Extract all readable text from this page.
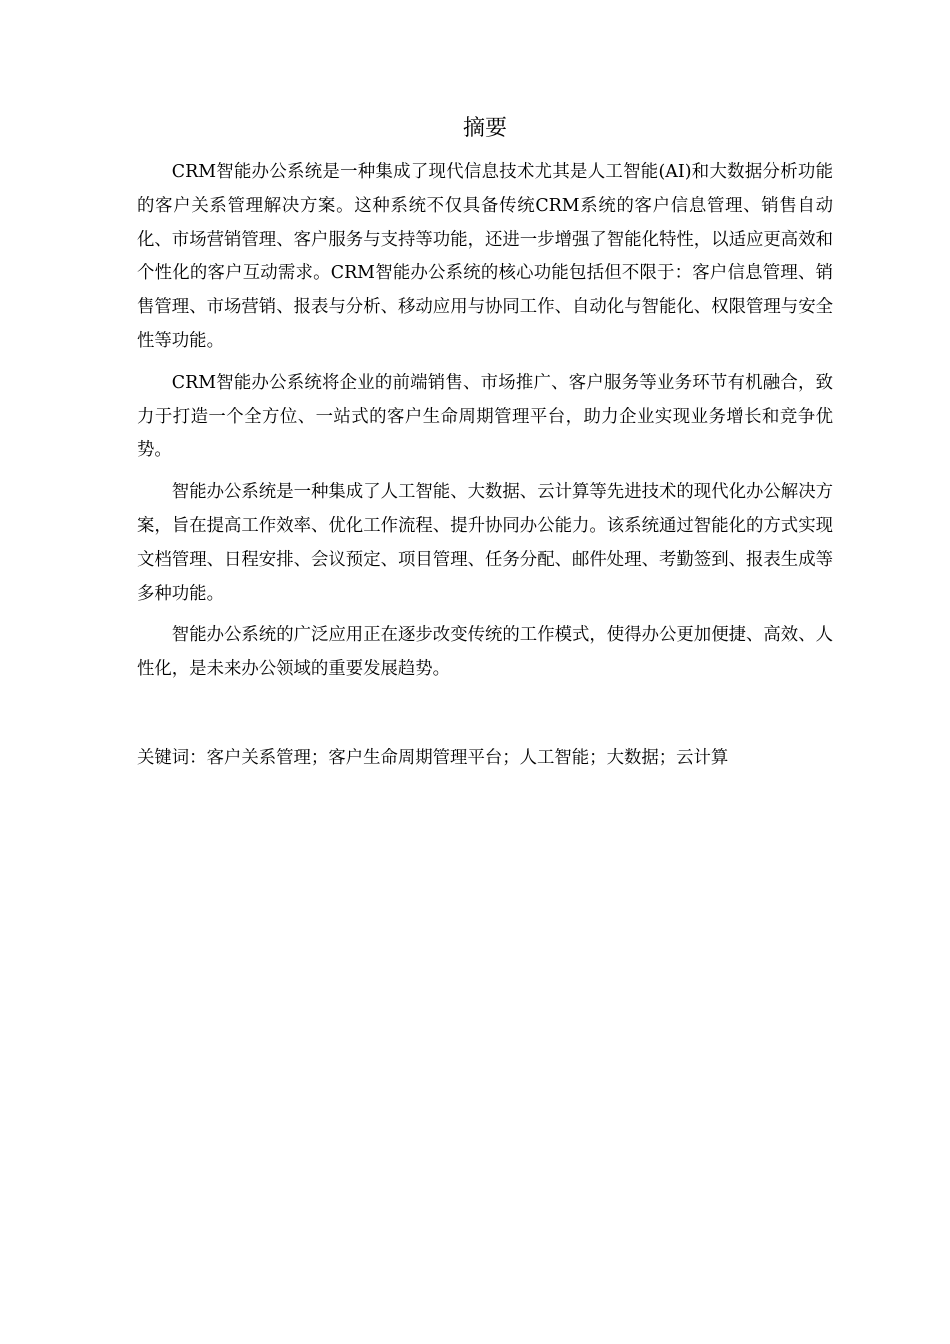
摘要

CRM智能办公系统是一种集成了现代信息技术尤其是人工智能(AI)和大数据分析功能的客户关系管理解决方案。这种系统不仅具备传统CRM系统的客户信息管理、销售自动化、市场营销管理、客户服务与支持等功能，还进一步增强了智能化特性，以适应更高效和个性化的客户互动需求。CRM智能办公系统的核心功能包括但不限于：客户信息管理、销售管理、市场营销、报表与分析、移动应用与协同工作、自动化与智能化、权限管理与安全性等功能。

CRM智能办公系统将企业的前端销售、市场推广、客户服务等业务环节有机融合，致力于打造一个全方位、一站式的客户生命周期管理平台，助力企业实现业务增长和竞争优势。

智能办公系统是一种集成了人工智能、大数据、云计算等先进技术的现代化办公解决方案，旨在提高工作效率、优化工作流程、提升协同办公能力。该系统通过智能化的方式实现文档管理、日程安排、会议预定、项目管理、任务分配、邮件处理、考勤签到、报表生成等多种功能。

智能办公系统的广泛应用正在逐步改变传统的工作模式，使得办公更加便捷、高效、人性化，是未来办公领域的重要发展趋势。

关键词：客户关系管理；客户生命周期管理平台；人工智能；大数据；云计算
